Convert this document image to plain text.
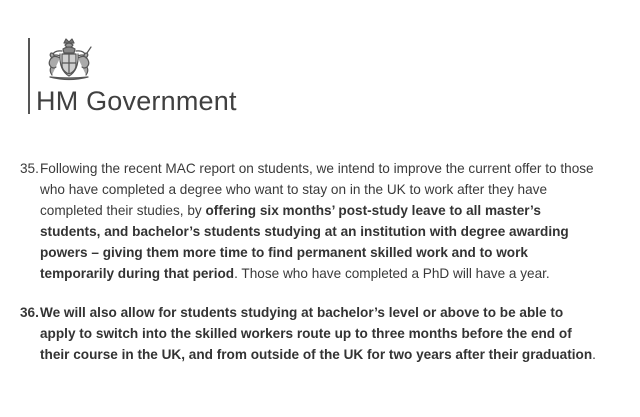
HM Government

35. Following the recent MAC report on students, we intend to improve the current offer to those who have completed a degree who want to stay on in the UK to work after they have completed their studies, by offering six months’ post-study leave to all master’s students, and bachelor’s students studying at an institution with degree awarding powers – giving them more time to find permanent skilled work and to work temporarily during that period. Those who have completed a PhD will have a year.

36. We will also allow for students studying at bachelor’s level or above to be able to apply to switch into the skilled workers route up to three months before the end of their course in the UK, and from outside of the UK for two years after their graduation.
